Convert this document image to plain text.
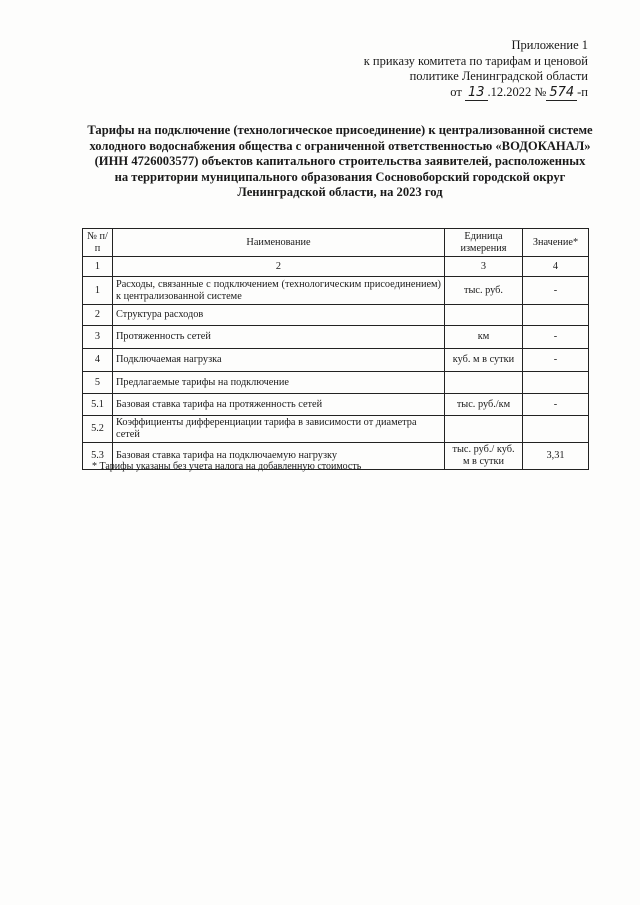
Приложение 1
к приказу комитета по тарифам и ценовой
политике Ленинградской области
от 13 .12.2022 № 574 -п
Тарифы на подключение (технологическое присоединение) к централизованной системе
холодного водоснабжения общества с ограниченной ответственностью «ВОДОКАНАЛ»
(ИНН 4726003577) объектов капитального строительства заявителей, расположенных
на территории муниципального образования Сосновоборский городской округ
Ленинградской области, на 2023 год
№ п/п	Наименование	Единица измерения	Значение*
1	2	3	4
1	Расходы, связанные с подключением (технологическим присоединением) к централизованной системе	тыс. руб.	-
2	Структура расходов		
3	Протяженность сетей	км	-
4	Подключаемая нагрузка	куб. м в сутки	-
5	Предлагаемые тарифы на подключение		
5.1	Базовая ставка тарифа на протяженность сетей	тыс. руб./км	-
5.2	Коэффициенты дифференциации тарифа в зависимости от диаметра сетей		
5.3	Базовая ставка тарифа на подключаемую нагрузку	тыс. руб./ куб. м в сутки	3,31
* Тарифы указаны без учета налога на добавленную стоимость
